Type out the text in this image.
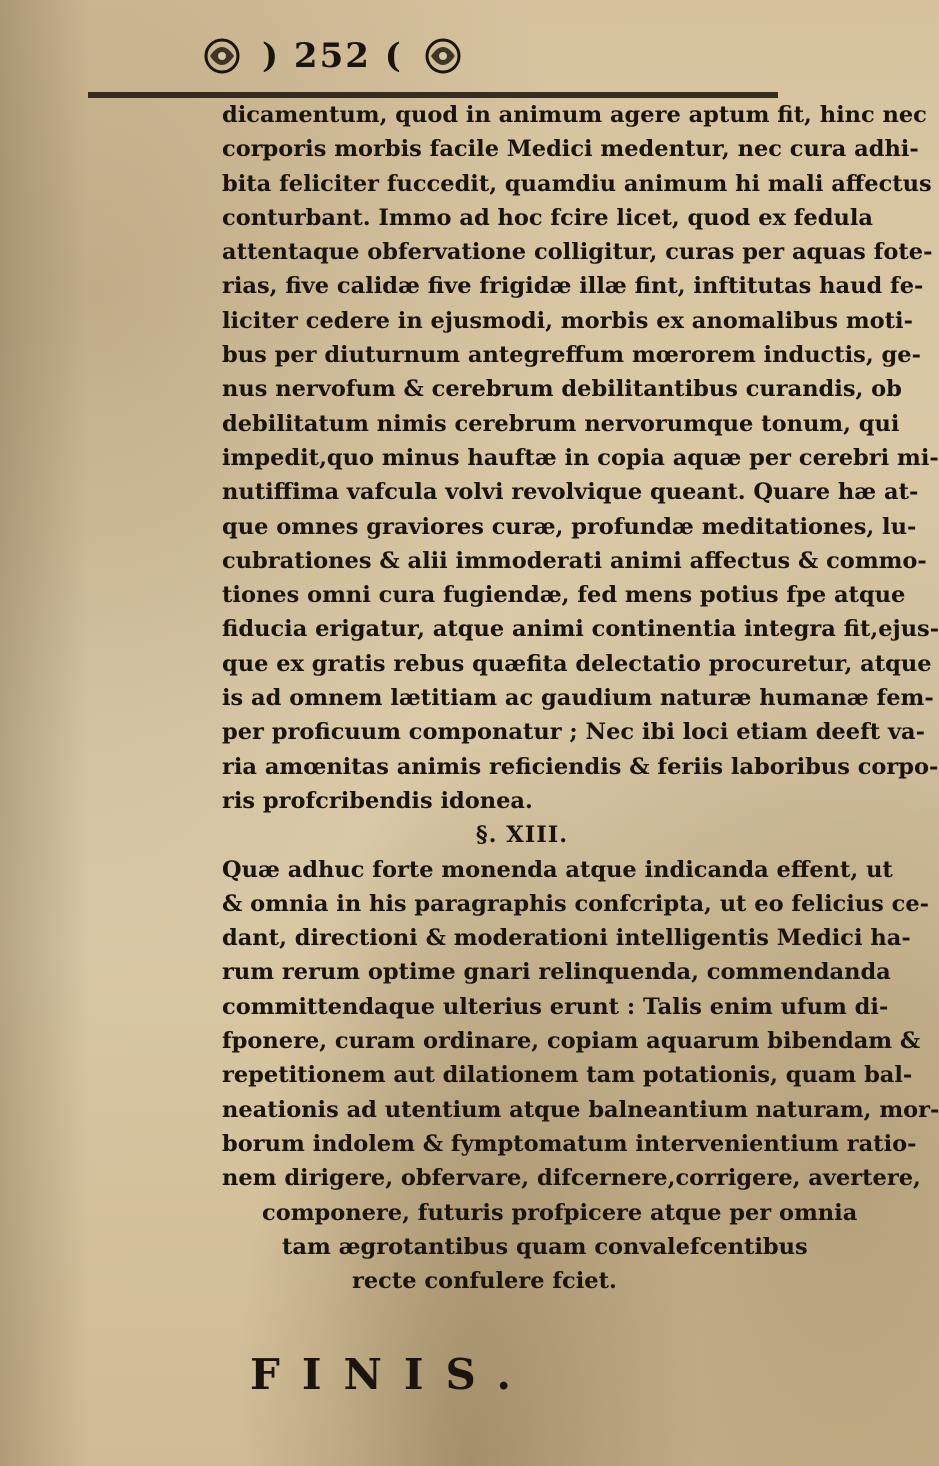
) 252 (
dicamentum, quod in animum agere aptum fit, hinc nec
corporis morbis facile Medici medentur, nec cura adhi-
bita feliciter fuccedit, quamdiu animum hi mali affectus
conturbant. Immo ad hoc fcire licet, quod ex fedula
attentaque obfervatione colligitur, curas per aquas fote-
rias, five calidæ five frigidæ illæ fint, inftitutas haud fe-
liciter cedere in ejusmodi, morbis ex anomalibus moti-
bus per diuturnum antegreffum mœrorem inductis, ge-
nus nervofum & cerebrum debilitantibus curandis, ob
debilitatum nimis cerebrum nervorumque tonum, qui
impedit,quo minus hauftæ in copia aquæ per cerebri mi-
nutiffima vafcula volvi revolvique queant. Quare hæ at-
que omnes graviores curæ, profundæ meditationes, lu-
cubrationes & alii immoderati animi affectus & commo-
tiones omni cura fugiendæ, fed mens potius fpe atque
fiducia erigatur, atque animi continentia integra fit,ejus-
que ex gratis rebus quæfita delectatio procuretur, atque
is ad omnem lætitiam ac gaudium naturæ humanæ fem-
per proficuum componatur ; Nec ibi loci etiam deeft va-
ria amœnitas animis reficiendis & feriis laboribus corpo-
ris profcribendis idonea.
§. XIII.
Quæ adhuc forte monenda atque indicanda effent, ut
& omnia in his paragraphis confcripta, ut eo felicius ce-
dant, directioni & moderationi intelligentis Medici ha-
rum rerum optime gnari relinquenda, commendanda
committendaque ulterius erunt : Talis enim ufum di-
fponere, curam ordinare, copiam aquarum bibendam &
repetitionem aut dilationem tam potationis, quam bal-
neationis ad utentium atque balneantium naturam, mor-
borum indolem & fymptomatum intervenientium ratio-
nem dirigere, obfervare, difcernere,corrigere, avertere,
componere, futuris profpicere atque per omnia
tam ægrotantibus quam convalefcentibus
recte confulere fciet.
FINIS.
